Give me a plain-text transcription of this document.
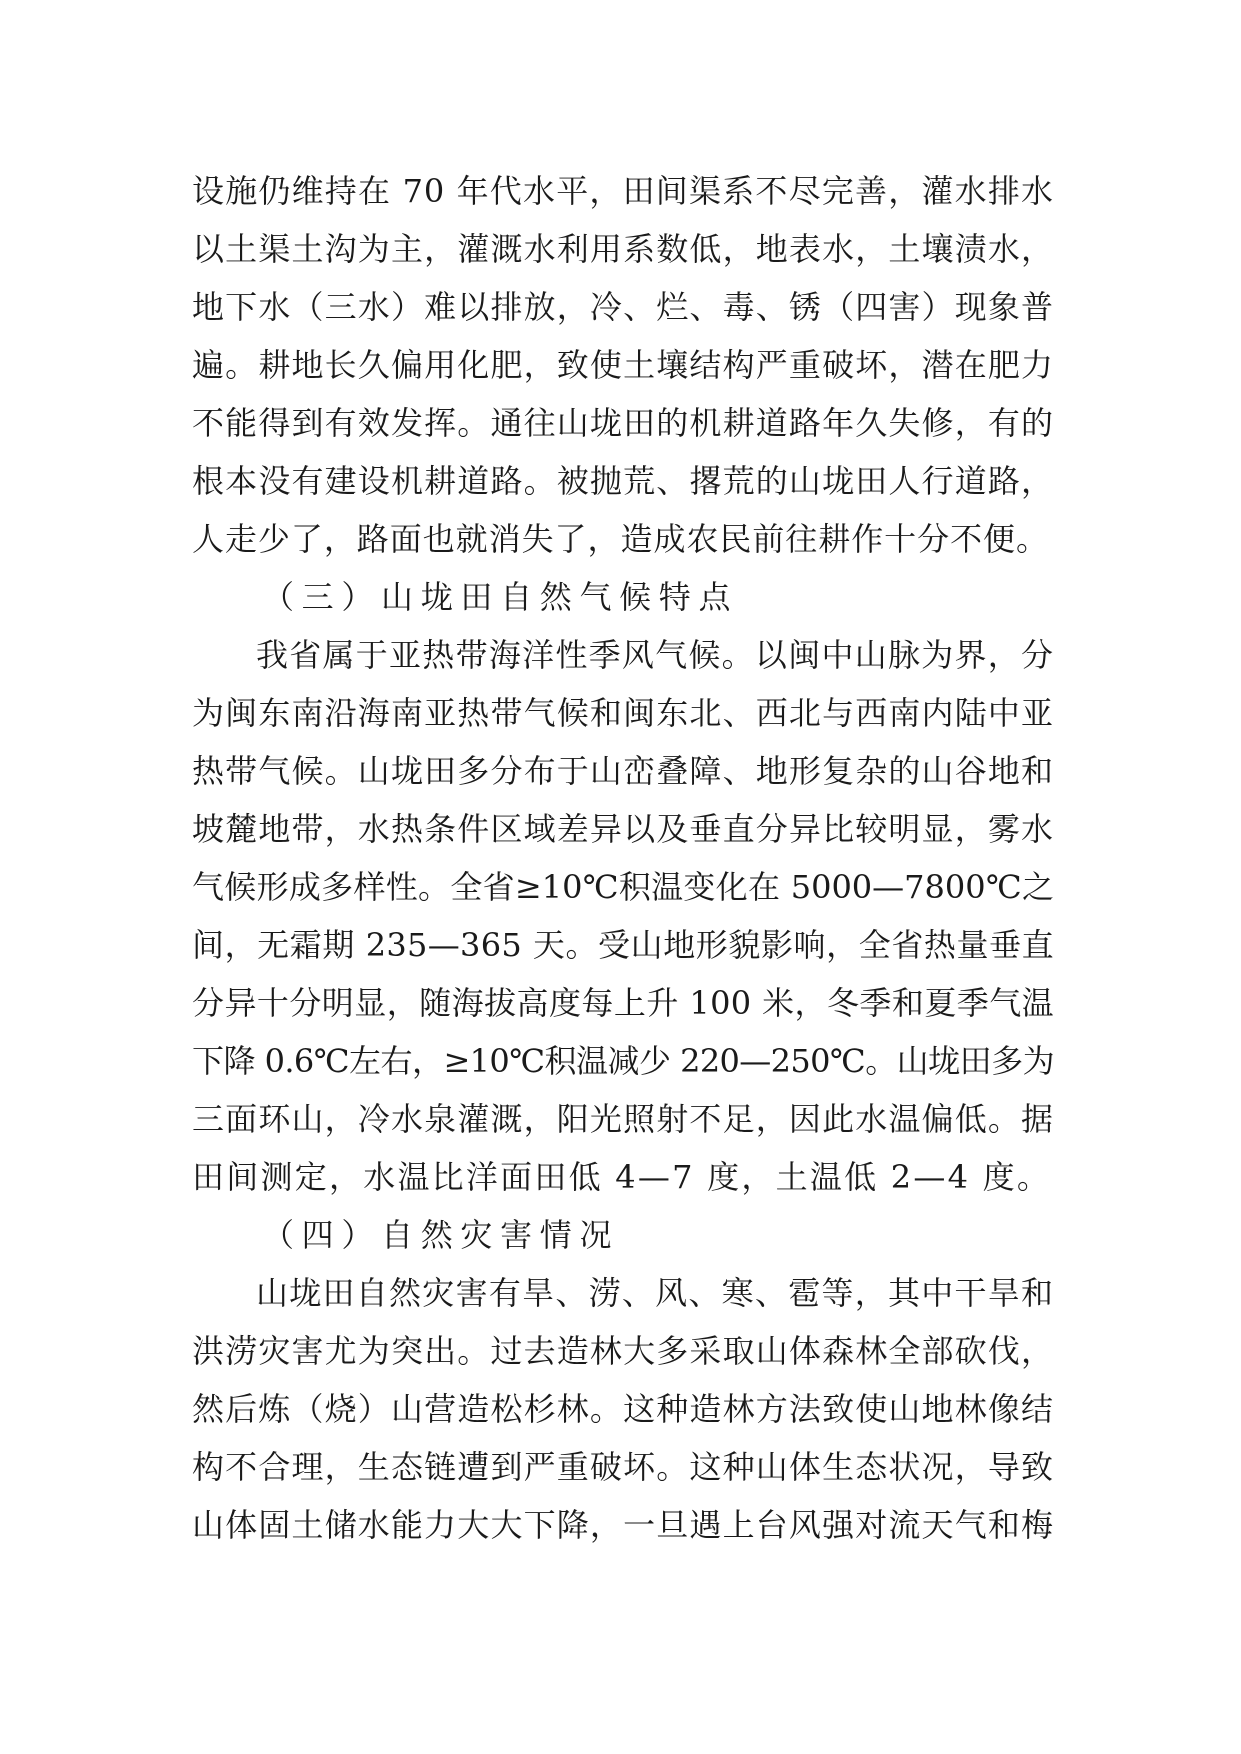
设施仍维持在 70 年代水平，田间渠系不尽完善，灌水排水
以土渠土沟为主，灌溉水利用系数低，地表水，土壤渍水，
地下水（三水）难以排放，冷、烂、毒、锈（四害）现象普
遍。耕地长久偏用化肥，致使土壤结构严重破坏，潜在肥力
不能得到有效发挥。通往山垅田的机耕道路年久失修，有的
根本没有建设机耕道路。被抛荒、撂荒的山垅田人行道路，
人走少了，路面也就消失了，造成农民前往耕作十分不便。
（三）山垅田自然气候特点
我省属于亚热带海洋性季风气候。以闽中山脉为界，分
为闽东南沿海南亚热带气候和闽东北、西北与西南内陆中亚
热带气候。山垅田多分布于山峦叠障、地形复杂的山谷地和
坡麓地带，水热条件区域差异以及垂直分异比较明显，雾水
气候形成多样性。全省≥10℃积温变化在 5000—7800℃之
间，无霜期 235—365 天。受山地形貌影响，全省热量垂直
分异十分明显，随海拔高度每上升 100 米，冬季和夏季气温
下降 0.6℃左右，≥10℃积温减少 220—250℃。山垅田多为
三面环山，冷水泉灌溉，阳光照射不足，因此水温偏低。据
田间测定，水温比洋面田低 4—7 度，土温低 2—4 度。
（四）自然灾害情况
山垅田自然灾害有旱、涝、风、寒、雹等，其中干旱和
洪涝灾害尤为突出。过去造林大多采取山体森林全部砍伐，
然后炼（烧）山营造松杉林。这种造林方法致使山地林像结
构不合理，生态链遭到严重破坏。这种山体生态状况，导致
山体固土储水能力大大下降，一旦遇上台风强对流天气和梅
